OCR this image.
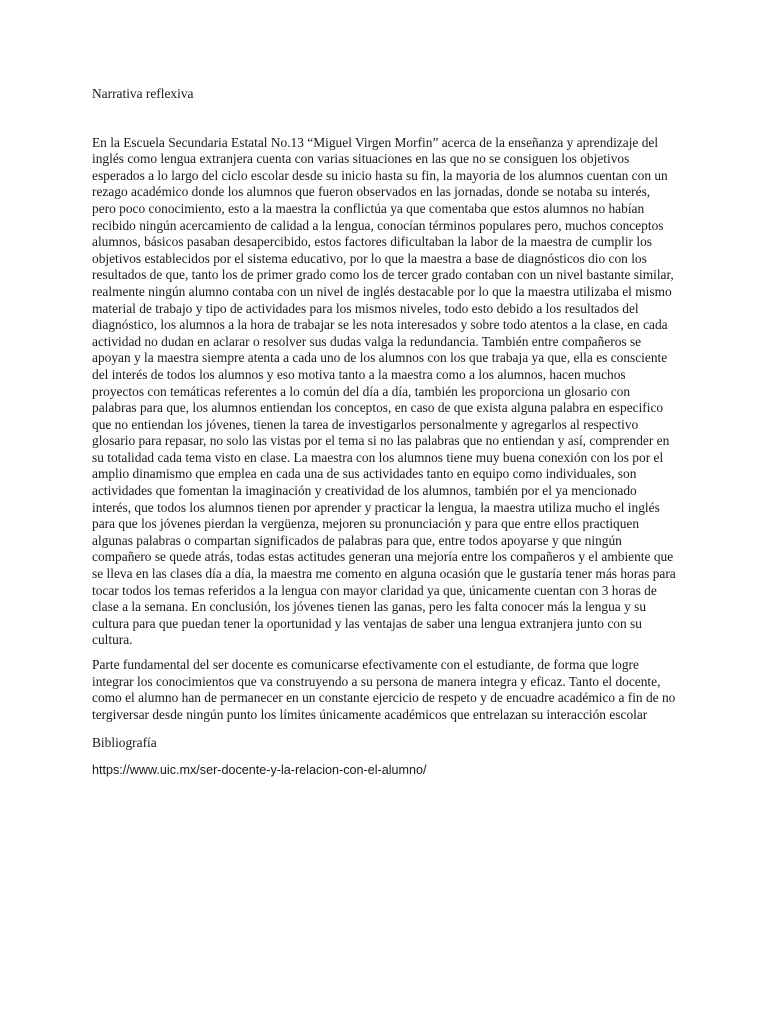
Narrativa reflexiva

En la Escuela Secundaria Estatal No.13 “Miguel Virgen Morfin” acerca de la enseñanza y aprendizaje del inglés como lengua extranjera cuenta con varias situaciones en las que no se consiguen los objetivos esperados a lo largo del ciclo escolar desde su inicio hasta su fin, la mayoria de los alumnos cuentan con un rezago académico donde los alumnos que fueron observados en las jornadas, donde se notaba su interés, pero poco conocimiento, esto a la maestra la conflictúa ya que comentaba que estos alumnos no habían recibido ningún acercamiento de calidad a la lengua, conocían términos populares pero, muchos conceptos alumnos, básicos pasaban desapercibido, estos factores dificultaban la labor de la maestra de cumplir los objetivos establecidos por el sistema educativo, por lo que la maestra a base de diagnósticos dio con los resultados de que, tanto los de primer grado como los de tercer grado contaban con un nivel bastante similar, realmente ningún alumno contaba con un nivel de inglés destacable por lo que la maestra utilizaba el mismo material de trabajo y tipo de actividades para los mismos niveles, todo esto debido a los resultados del diagnóstico, los alumnos a la hora de trabajar se les nota interesados y sobre todo atentos a la clase, en cada actividad no dudan en aclarar o resolver sus dudas valga la redundancia. También entre compañeros se apoyan y la maestra siempre atenta a cada uno de los alumnos con los que trabaja ya que, ella es consciente del interés de todos los alumnos y eso motiva tanto a la maestra como a los alumnos, hacen muchos proyectos con temáticas referentes a lo común del día a día, también les proporciona un glosario con palabras para que, los alumnos entiendan los conceptos, en caso de que exista alguna palabra en especifico que no entiendan los jóvenes, tienen la tarea de investigarlos personalmente y agregarlos al respectivo glosario para repasar, no solo las vistas por el tema si no las palabras que no entiendan y así, comprender en su totalidad cada tema visto en clase. La maestra con los alumnos tiene muy buena conexión con los por el amplio dinamismo que emplea en cada una de sus actividades tanto en equipo como individuales, son actividades que fomentan la imaginación y creatividad de los alumnos, también por el ya mencionado interés, que todos los alumnos tienen por aprender y practicar la lengua, la maestra utiliza mucho el inglés para que los jóvenes pierdan la vergüenza, mejoren su pronunciación y para que entre ellos practiquen algunas palabras o compartan significados de palabras para que, entre todos apoyarse y que ningún compañero se quede atrás, todas estas actitudes generan una mejoría entre los compañeros y el ambiente que se lleva en las clases día a día, la maestra me comento en alguna ocasión que le gustaría tener más horas para tocar todos los temas referidos a la lengua con mayor claridad ya que, únicamente cuentan con 3 horas de clase a la semana. En conclusión, los jóvenes tienen las ganas, pero les falta conocer más la lengua y su cultura para que puedan tener la oportunidad y las ventajas de saber una lengua extranjera junto con su cultura.

Parte fundamental del ser docente es comunicarse efectivamente con el estudiante, de forma que logre integrar los conocimientos que va construyendo a su persona de manera integra y eficaz. Tanto el docente, como el alumno han de permanecer en un constante ejercicio de respeto y de encuadre académico a fin de no tergiversar desde ningún punto los límites únicamente académicos que entrelazan su interacción escolar

Bibliografía

https://www.uic.mx/ser-docente-y-la-relacion-con-el-alumno/
